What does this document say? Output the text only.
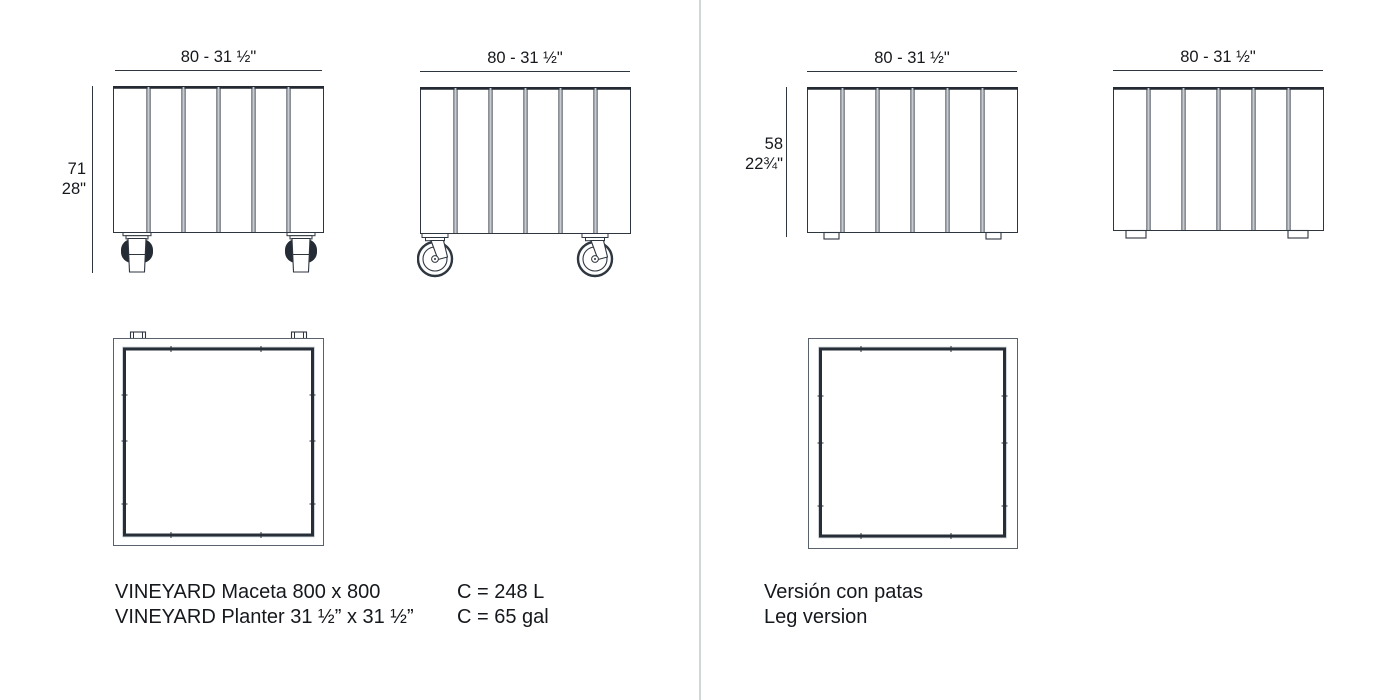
80 - 31 ½"
71
28"
80 - 31 ½"
VINEYARD Maceta 800 x 800
VINEYARD Planter 31 ½” x 31 ½”
C = 248 L
C = 65 gal
80 - 31 ½"
58
22¾"
80 - 31 ½"
Versión con patas
Leg version
